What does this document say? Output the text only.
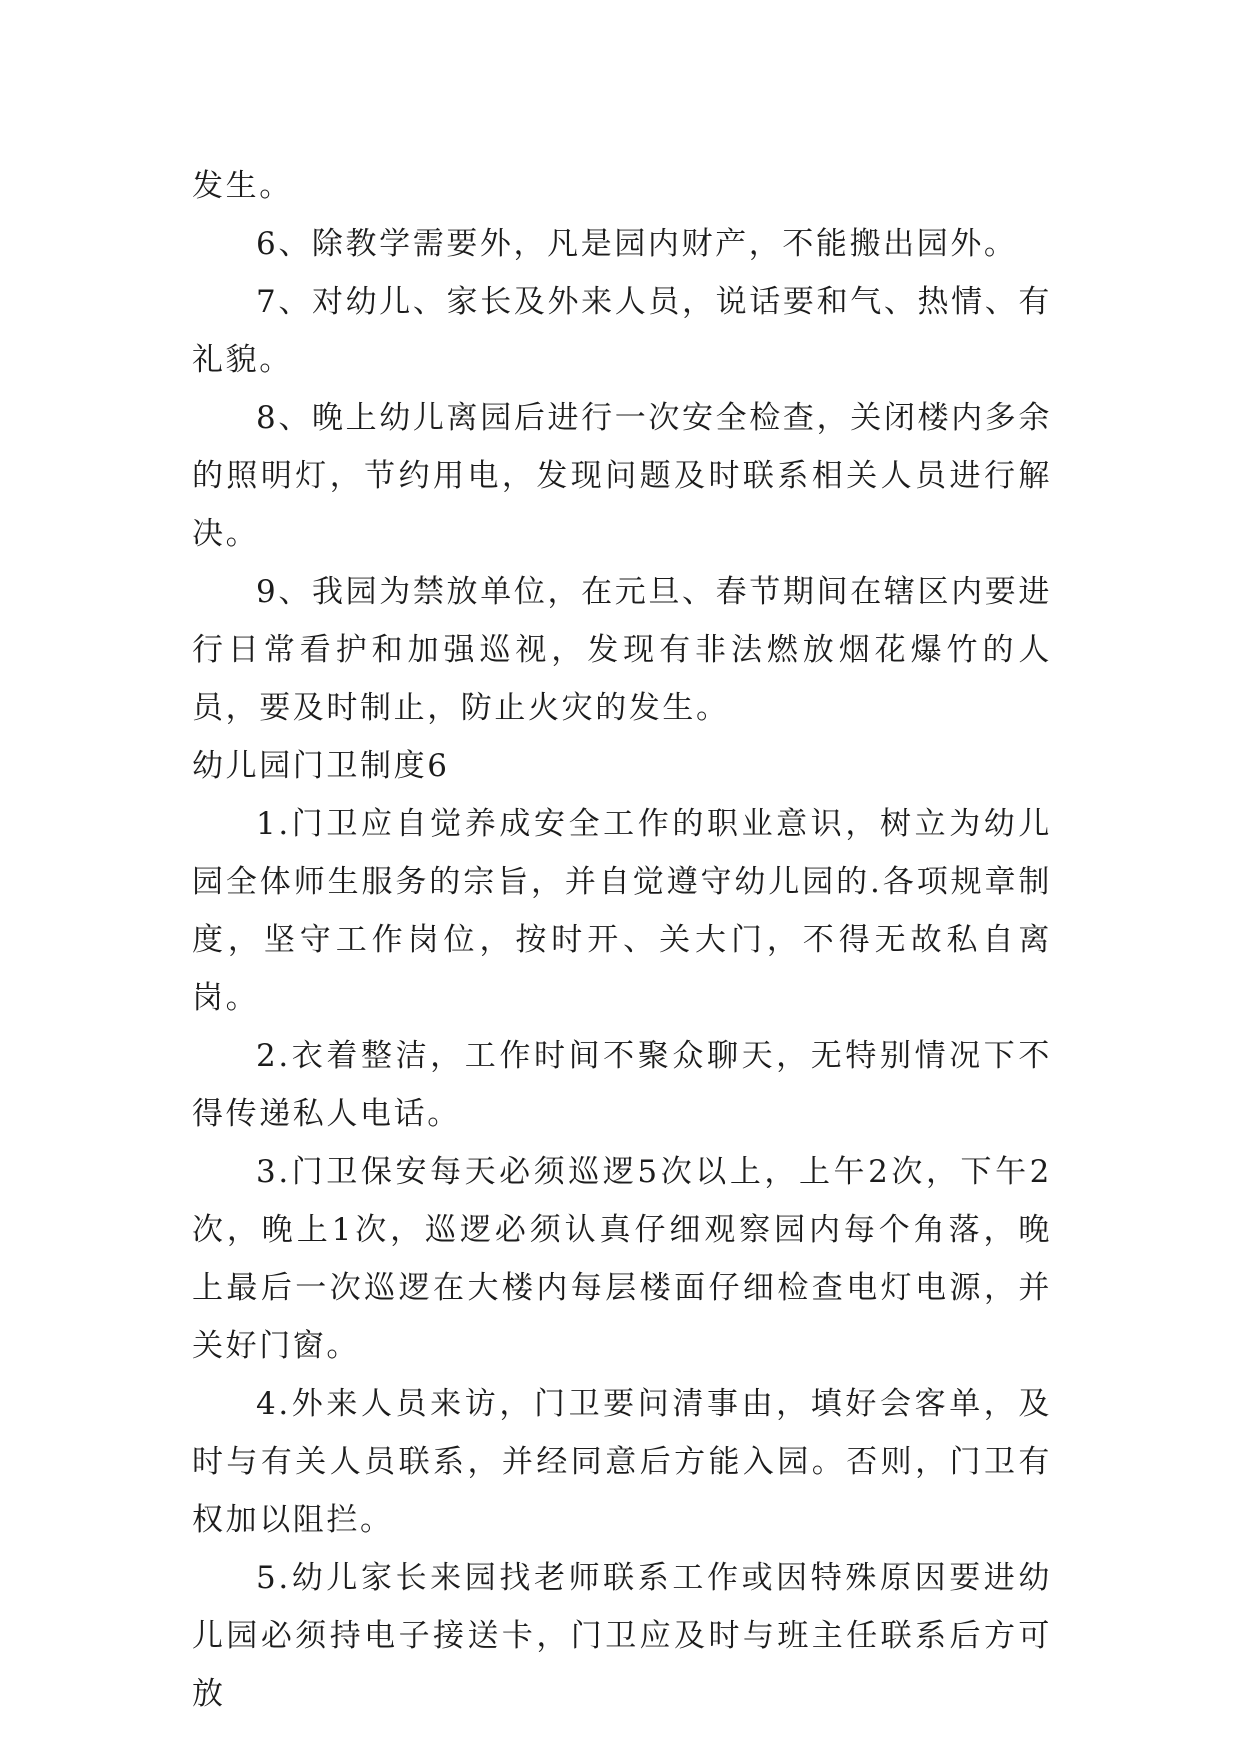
发生。

6、除教学需要外，凡是园内财产，不能搬出园外。

7、对幼儿、家长及外来人员，说话要和气、热情、有礼貌。

8、晚上幼儿离园后进行一次安全检查，关闭楼内多余的照明灯，节约用电，发现问题及时联系相关人员进行解决。

9、我园为禁放单位，在元旦、春节期间在辖区内要进行日常看护和加强巡视，发现有非法燃放烟花爆竹的人员，要及时制止，防止火灾的发生。

幼儿园门卫制度6

1.门卫应自觉养成安全工作的职业意识，树立为幼儿园全体师生服务的宗旨，并自觉遵守幼儿园的.各项规章制度，坚守工作岗位，按时开、关大门，不得无故私自离岗。

2.衣着整洁，工作时间不聚众聊天，无特别情况下不得传递私人电话。

3.门卫保安每天必须巡逻5次以上，上午2次，下午2次，晚上1次，巡逻必须认真仔细观察园内每个角落，晚上最后一次巡逻在大楼内每层楼面仔细检查电灯电源，并关好门窗。

4.外来人员来访，门卫要问清事由，填好会客单，及时与有关人员联系，并经同意后方能入园。否则，门卫有权加以阻拦。

5.幼儿家长来园找老师联系工作或因特殊原因要进幼儿园必须持电子接送卡，门卫应及时与班主任联系后方可放
